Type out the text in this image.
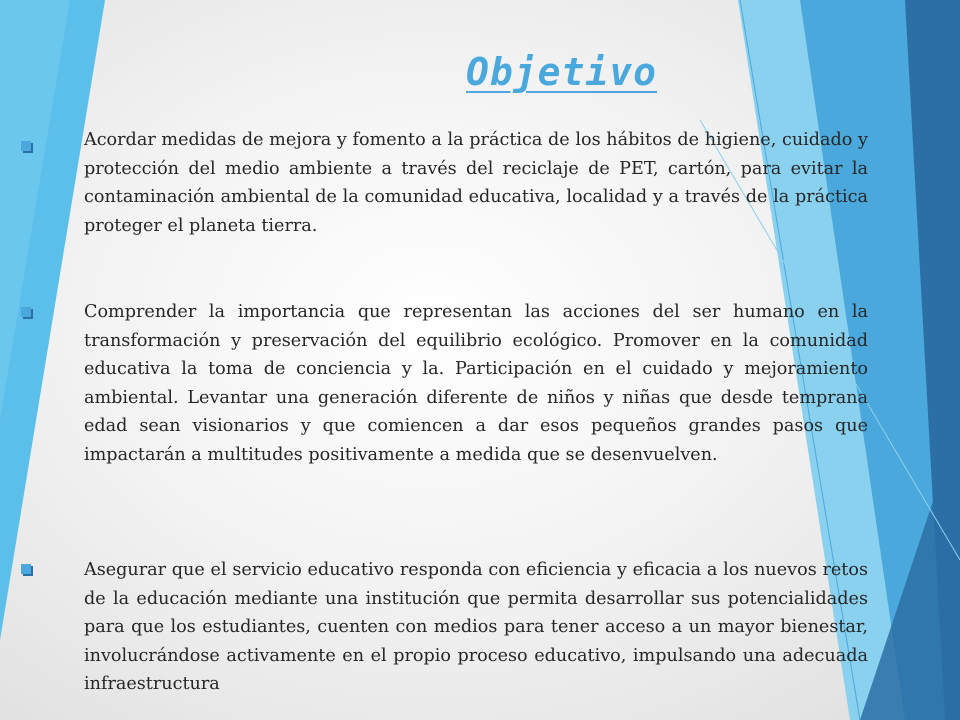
Objetivo

Acordar medidas de mejora y fomento a la práctica de los hábitos de higiene, cuidado y protección del medio ambiente a través del reciclaje de PET, cartón, para evitar la contaminación ambiental de la comunidad educativa, localidad y a través de la práctica proteger el planeta tierra.

Comprender la importancia que representan las acciones del ser humano en la transformación y preservación del equilibrio ecológico. Promover en la comunidad educativa la toma de conciencia y la. Participación en el cuidado y mejoramiento ambiental. Levantar una generación diferente de niños y niñas que desde temprana edad sean visionarios y que comiencen a dar esos pequeños grandes pasos que impactarán a multitudes positivamente a medida que se desenvuelven.

Asegurar que el servicio educativo responda con eficiencia y eficacia a los nuevos retos de la educación mediante una institución que permita desarrollar sus potencialidades para que los estudiantes, cuenten con medios para tener acceso a un mayor bienestar, involucrándose activamente en el propio proceso educativo, impulsando una adecuada infraestructura
